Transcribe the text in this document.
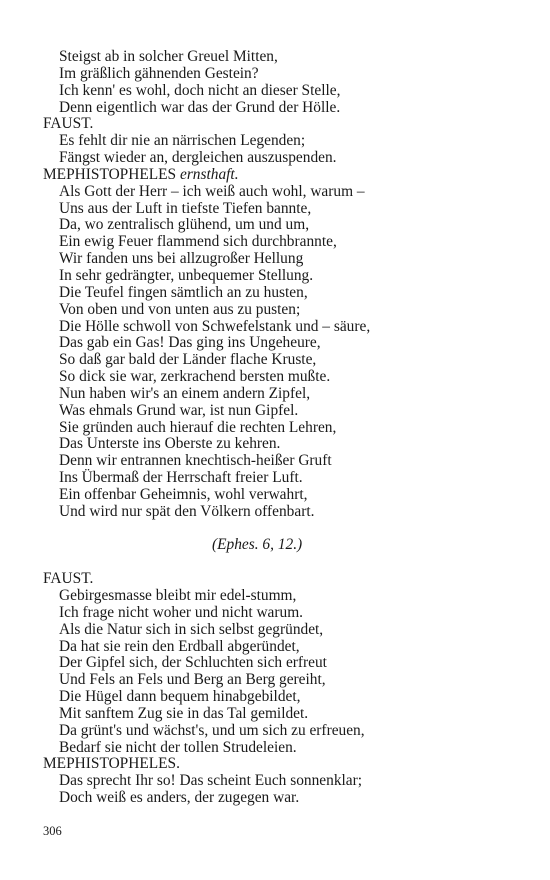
Steigst ab in solcher Greuel Mitten,
Im gräßlich gähnenden Gestein?
Ich kenn' es wohl, doch nicht an dieser Stelle,
Denn eigentlich war das der Grund der Hölle.
FAUST.
Es fehlt dir nie an närrischen Legenden;
Fängst wieder an, dergleichen auszuspenden.
MEPHISTOPHELES ernsthaft.
Als Gott der Herr – ich weiß auch wohl, warum –
Uns aus der Luft in tiefste Tiefen bannte,
Da, wo zentralisch glühend, um und um,
Ein ewig Feuer flammend sich durchbrannte,
Wir fanden uns bei allzugroßer Hellung
In sehr gedrängter, unbequemer Stellung.
Die Teufel fingen sämtlich an zu husten,
Von oben und von unten aus zu pusten;
Die Hölle schwoll von Schwefelstank und – säure,
Das gab ein Gas! Das ging ins Ungeheure,
So daß gar bald der Länder flache Kruste,
So dick sie war, zerkrachend bersten mußte.
Nun haben wir's an einem andern Zipfel,
Was ehmals Grund war, ist nun Gipfel.
Sie gründen auch hierauf die rechten Lehren,
Das Unterste ins Oberste zu kehren.
Denn wir entrannen knechtisch-heißer Gruft
Ins Übermaß der Herrschaft freier Luft.
Ein offenbar Geheimnis, wohl verwahrt,
Und wird nur spät den Völkern offenbart.
(Ephes. 6, 12.)
FAUST.
Gebirgesmasse bleibt mir edel-stumm,
Ich frage nicht woher und nicht warum.
Als die Natur sich in sich selbst gegründet,
Da hat sie rein den Erdball abgeründet,
Der Gipfel sich, der Schluchten sich erfreut
Und Fels an Fels und Berg an Berg gereiht,
Die Hügel dann bequem hinabgebildet,
Mit sanftem Zug sie in das Tal gemildet.
Da grünt's und wächst's, und um sich zu erfreuen,
Bedarf sie nicht der tollen Strudeleien.
MEPHISTOPHELES.
Das sprecht Ihr so! Das scheint Euch sonnenklar;
Doch weiß es anders, der zugegen war.
306
